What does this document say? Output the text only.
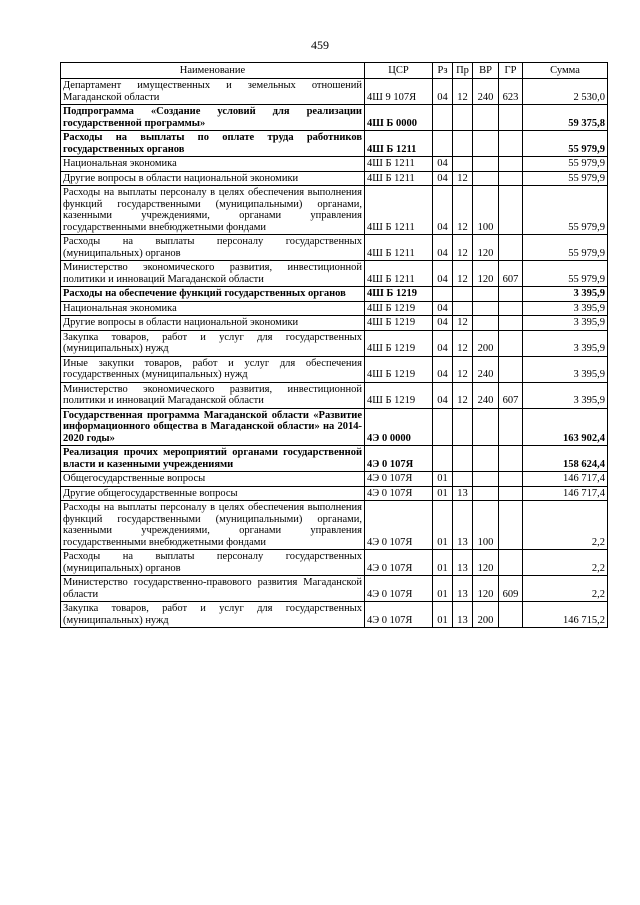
459
Наименование	ЦСР	Рз	Пр	ВР	ГР	Сумма
Департамент имущественных и земельных отношений Магаданской области	4Ш 9 107Я	04	12	240	623	2 530,0
Подпрограмма «Создание условий для реализации государственной программы»	4Ш Б 0000					59 375,8
Расходы на выплаты по оплате труда работников государственных органов	4Ш Б 1211					55 979,9
Национальная экономика	4Ш Б 1211	04				55 979,9
Другие вопросы в области национальной экономики	4Ш Б 1211	04	12			55 979,9
Расходы на выплаты персоналу в целях обеспечения выполнения функций государственными (муниципальными) органами, казенными учреждениями, органами управления государственными внебюджетными фондами	4Ш Б 1211	04	12	100		55 979,9
Расходы на выплаты персоналу государственных (муниципальных) органов	4Ш Б 1211	04	12	120		55 979,9
Министерство экономического развития, инвестиционной политики и инноваций Магаданской области	4Ш Б 1211	04	12	120	607	55 979,9
Расходы на обеспечение функций государственных органов	4Ш Б 1219					3 395,9
Национальная экономика	4Ш Б 1219	04				3 395,9
Другие вопросы в области национальной экономики	4Ш Б 1219	04	12			3 395,9
Закупка товаров, работ и услуг для государственных (муниципальных) нужд	4Ш Б 1219	04	12	200		3 395,9
Иные закупки товаров, работ и услуг для обеспечения государственных (муниципальных) нужд	4Ш Б 1219	04	12	240		3 395,9
Министерство экономического развития, инвестиционной политики и инноваций Магаданской области	4Ш Б 1219	04	12	240	607	3 395,9
Государственная программа Магаданской области «Развитие информационного общества в Магаданской области» на 2014-2020 годы»	4Э 0 0000					163 902,4
Реализация прочих мероприятий органами государственной власти и казенными учреждениями	4Э 0 107Я					158 624,4
Общегосударственные вопросы	4Э 0 107Я	01				146 717,4
Другие общегосударственные вопросы	4Э 0 107Я	01	13			146 717,4
Расходы на выплаты персоналу в целях обеспечения выполнения функций государственными (муниципальными) органами, казенными учреждениями, органами управления государственными внебюджетными фондами	4Э 0 107Я	01	13	100		2,2
Расходы на выплаты персоналу государственных (муниципальных) органов	4Э 0 107Я	01	13	120		2,2
Министерство государственно-правового развития Магаданской области	4Э 0 107Я	01	13	120	609	2,2
Закупка товаров, работ и услуг для государственных (муниципальных) нужд	4Э 0 107Я	01	13	200		146 715,2
